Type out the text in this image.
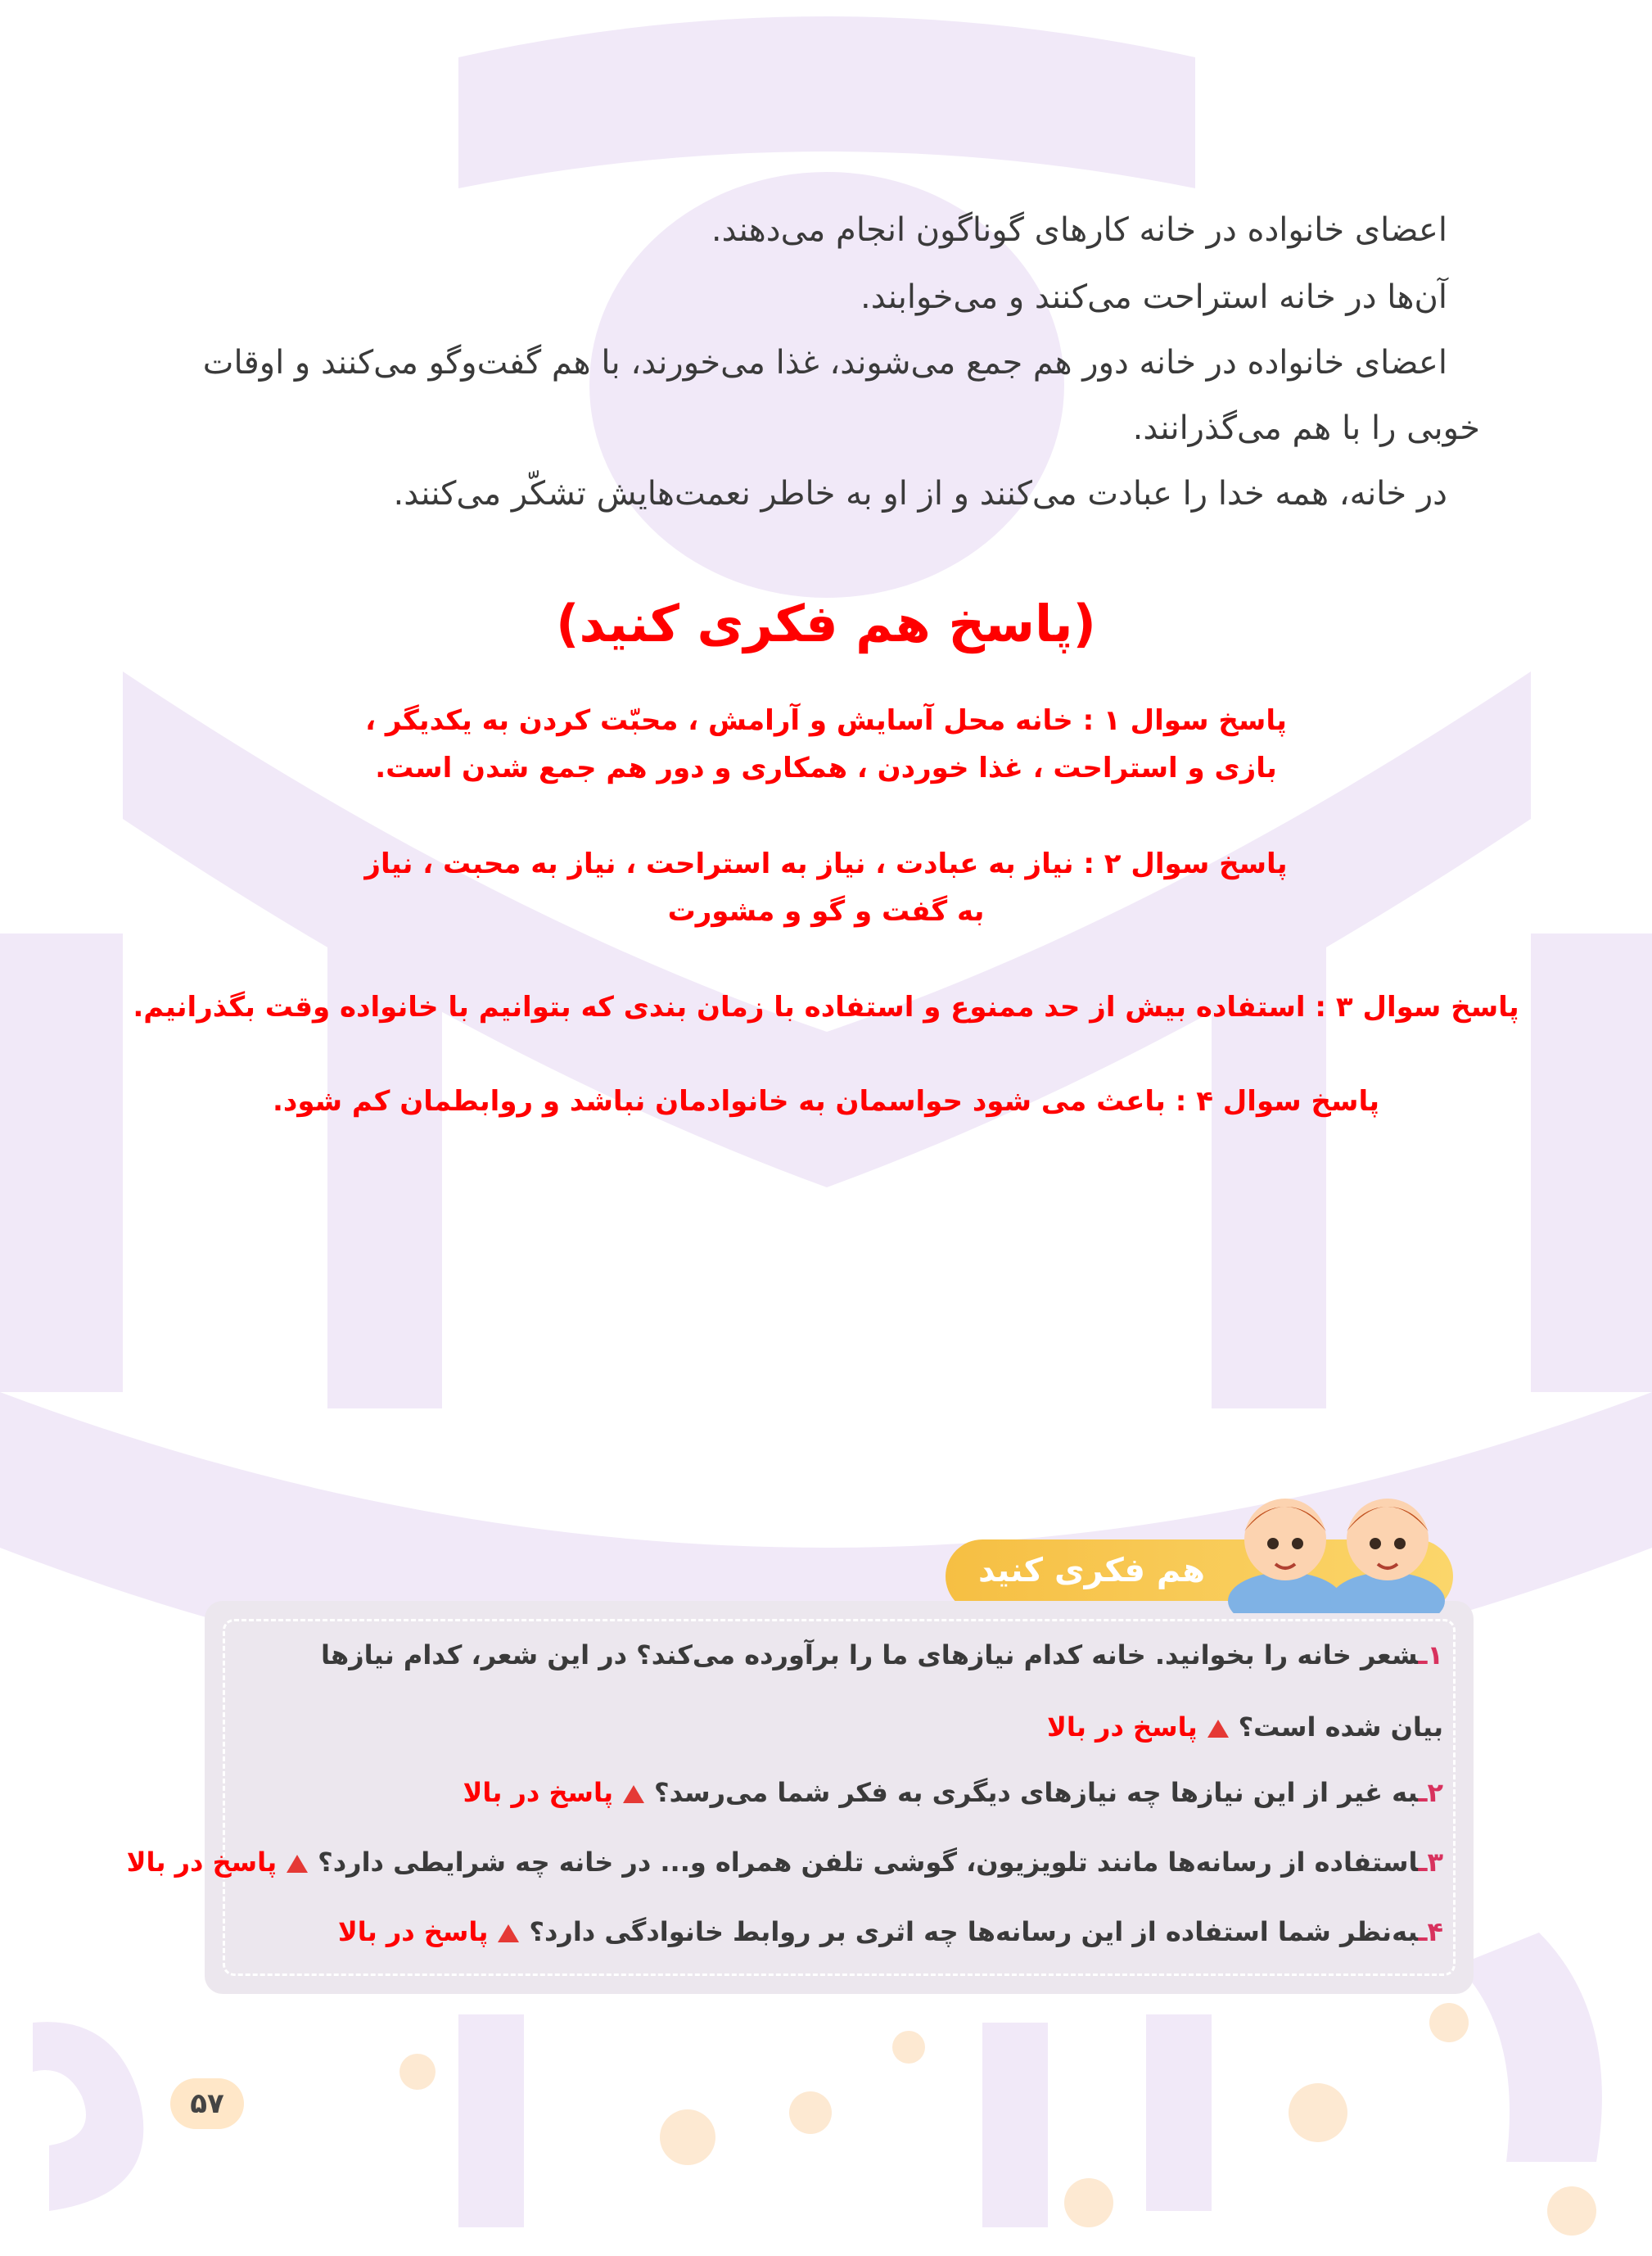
اعضای خانواده در خانه کارهای گوناگون انجام می‌دهند.
آن‌ها در خانه استراحت می‌کنند و می‌خوابند.
اعضای خانواده در خانه دور هم جمع می‌شوند، غذا می‌خورند، با هم گفت‌وگو می‌کنند و اوقات
خوبی را با هم می‌گذرانند.
در خانه، همه خدا را عبادت می‌کنند و از او به خاطر نعمت‌هایش تشکّر می‌کنند.
(پاسخ هم فکری کنید)
پاسخ سوال ۱ : خانه محل آسایش و آرامش ، محبّت کردن به یکدیگر ،
بازی و استراحت ، غذا خوردن ، همکاری و دور هم جمع شدن است.
پاسخ سوال ۲ : نیاز به عبادت ، نیاز به استراحت ، نیاز به محبت ، نیاز
به گفت و گو و مشورت
پاسخ سوال ۳ : استفاده بیش از حد ممنوع و استفاده با زمان بندی که بتوانیم با خانواده وقت بگذرانیم.
پاسخ سوال ۴ : باعث می شود حواسمان به خانوادمان نباشد و روابطمان کم شود.
هم فکری کنید
۱ـشعر خانه را بخوانید. خانه کدام نیازهای ما را برآورده می‌کند؟ در این شعر، کدام نیازها
بیان شده است؟پاسخ در بالا
۲ـبه غیر از این نیازها چه نیازهای دیگری به فکر شما می‌رسد؟پاسخ در بالا
۳ـاستفاده از رسانه‌ها مانند تلویزیون، گوشی تلفن همراه و... در خانه چه شرایطی دارد؟پاسخ در بالا
۴ـبه‌نظر شما استفاده از این رسانه‌ها چه اثری بر روابط خانوادگی دارد؟پاسخ در بالا
۵۷
